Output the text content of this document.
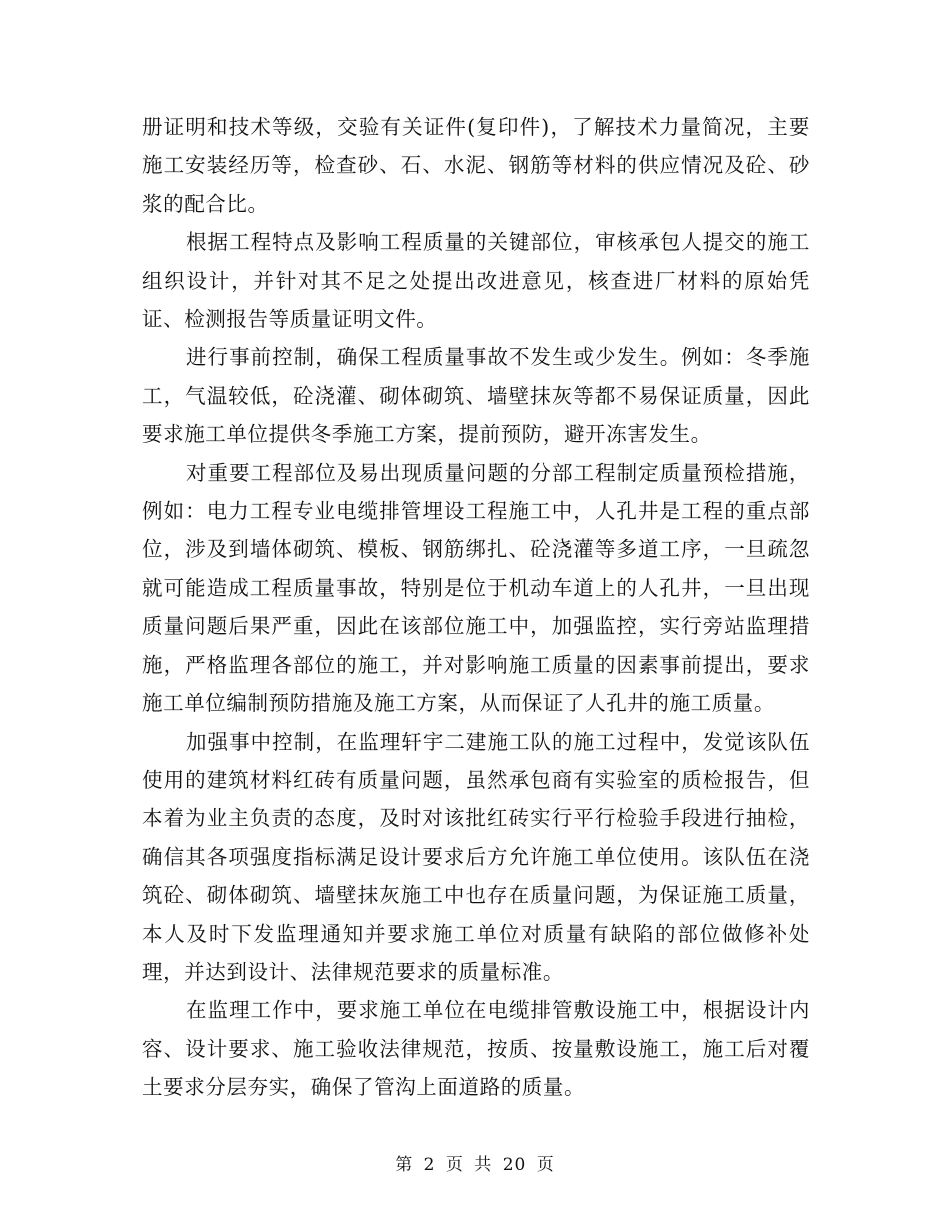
册证明和技术等级，交验有关证件(复印件)，了解技术力量简况，主要施工安装经历等，检查砂、石、水泥、钢筋等材料的供应情况及砼、砂浆的配合比。

根据工程特点及影响工程质量的关键部位，审核承包人提交的施工组织设计，并针对其不足之处提出改进意见，核查进厂材料的原始凭证、检测报告等质量证明文件。

进行事前控制，确保工程质量事故不发生或少发生。例如：冬季施工，气温较低，砼浇灌、砌体砌筑、墙壁抹灰等都不易保证质量，因此要求施工单位提供冬季施工方案，提前预防，避开冻害发生。

对重要工程部位及易出现质量问题的分部工程制定质量预检措施，例如：电力工程专业电缆排管埋设工程施工中，人孔井是工程的重点部位，涉及到墙体砌筑、模板、钢筋绑扎、砼浇灌等多道工序，一旦疏忽就可能造成工程质量事故，特别是位于机动车道上的人孔井，一旦出现质量问题后果严重，因此在该部位施工中，加强监控，实行旁站监理措施，严格监理各部位的施工，并对影响施工质量的因素事前提出，要求施工单位编制预防措施及施工方案，从而保证了人孔井的施工质量。

加强事中控制，在监理轩宇二建施工队的施工过程中，发觉该队伍使用的建筑材料红砖有质量问题，虽然承包商有实验室的质检报告，但本着为业主负责的态度，及时对该批红砖实行平行检验手段进行抽检，确信其各项强度指标满足设计要求后方允许施工单位使用。该队伍在浇筑砼、砌体砌筑、墙壁抹灰施工中也存在质量问题，为保证施工质量，本人及时下发监理通知并要求施工单位对质量有缺陷的部位做修补处理，并达到设计、法律规范要求的质量标准。

在监理工作中，要求施工单位在电缆排管敷设施工中，根据设计内容、设计要求、施工验收法律规范，按质、按量敷设施工，施工后对覆土要求分层夯实，确保了管沟上面道路的质量。

第 2 页 共 20 页
